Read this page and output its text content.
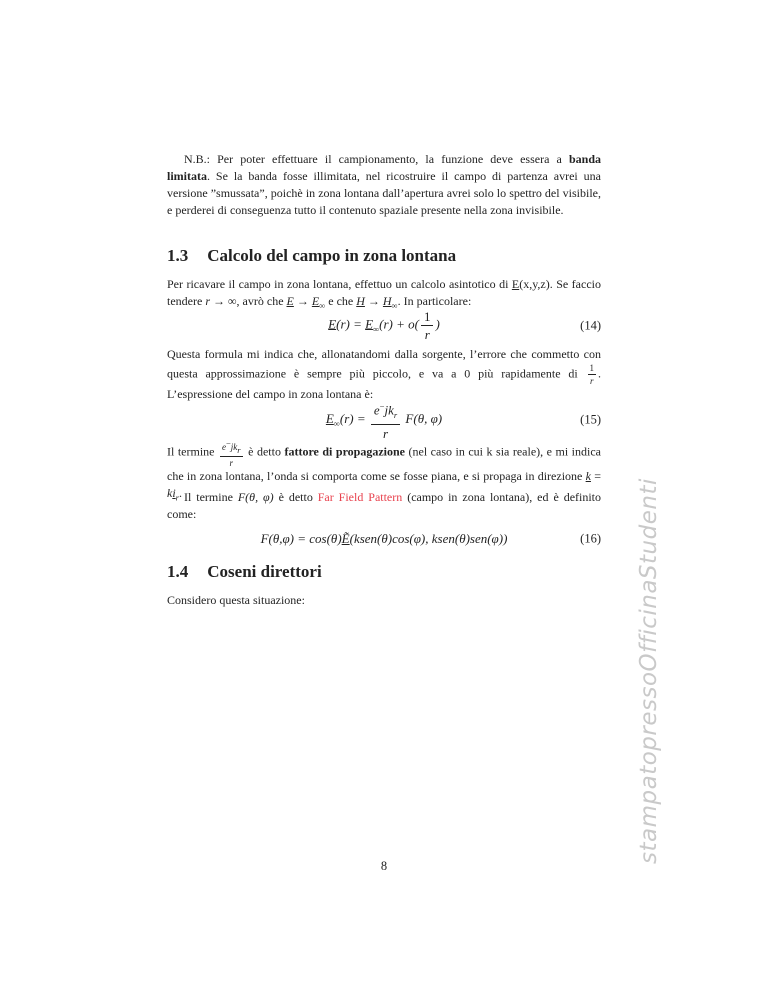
N.B.: Per poter effettuare il campionamento, la funzione deve essera a banda limitata. Se la banda fosse illimitata, nel ricostruire il campo di partenza avrei una versione ”smussata”, poichè in zona lontana dall’apertura avrei solo lo spettro del visibile, e perderei di conseguenza tutto il contenuto spaziale presente nella zona invisibile.

1.3 Calcolo del campo in zona lontana

Per ricavare il campo in zona lontana, effettuo un calcolo asintotico di E(x,y,z). Se faccio tendere r → ∞, avrò che $E \to E_\infty$ e che $H \to H_\infty$. In particolare:

$E(r) = E_\infty(r) + o( \frac{1}{r}$ )	(14)

Questa formula mi indica che, allonatandomi dalla sorgente, l’errore che commetto con questa approssimazione è sempre più piccolo, e va a 0 più rapidamente di $\frac{1}{r}$ . L’espressione del campo in zona lontana è:

$E_\infty(r)$ =
$e^-jk_r$
r
F(θ, φ)	(15)

Il termine $e^-jk_r$
r
è detto fattore di propagazione (nel caso in cui k sia reale), e mi indica che in zona lontana, l’onda si comporta come se fosse piana, e si propaga in direzione $k = ki_r$. Il termine F(θ, φ) è detto Far Field Pattern (campo in zona lontana), ed è definito come:

F(θ,φ) = cos(θ)Ẽ(ksen(θ)cos(φ), ksen(θ)sen(φ))	(16)
1.4 Coseni direttori

Considero questa situazione:	stampatopressoOfficinaStudenti
8
